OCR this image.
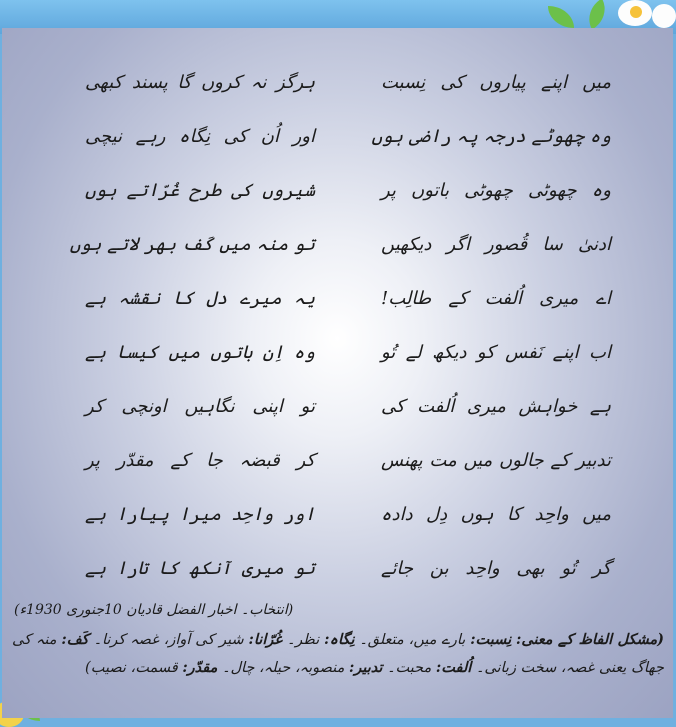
میں اپنے پیاروں کی نِسبت
ہرگز نہ کروں گا پسند کبھی
وہ چھوٹے درجہ پہ راضی ہوں
اور اُن کی نِگاہ رہے نیچی
وہ چھوٹی چھوٹی باتوں پر
شیروں کی طرح غُرّاتے ہوں
ادنیٰ سا قُصور اگر دیکھیں
تو منہ میں کَف بھر لاتے ہوں
اے میری اُلفت کے طالِب!
یہ میرے دل کا نقشہ ہے
اب اپنے نَفس کو دیکھ لے تُو
وہ اِن باتوں میں کیسا ہے
ہے خواہش میری اُلفت کی
تو اپنی نگاہیں اونچی کر
تدبیر کے جالوں میں مت پھنس
کر قبضہ جا کے مقدّر پر
میں واحِد کا ہوں دِل دادہ
اور واحِد میرا پیارا ہے
گر تُو بھی واحِد بن جائے
تو میری آنکھ کا تارا ہے
(انتخاب۔ اخبار الفضل قادیان 10جنوری 1930ء)
(مشکل الفاظ کے معنی: نِسبت: بارے میں، متعلق۔ نِگاہ: نظر۔ غُرّانا: شیر کی آواز، غصہ کرنا۔ کَف: منہ کی جھاگ یعنی غصہ، سخت زبانی۔ اُلفت: محبت۔ تدبیر: منصوبہ، حیلہ، چال۔ مقدّر: قسمت، نصیب)
